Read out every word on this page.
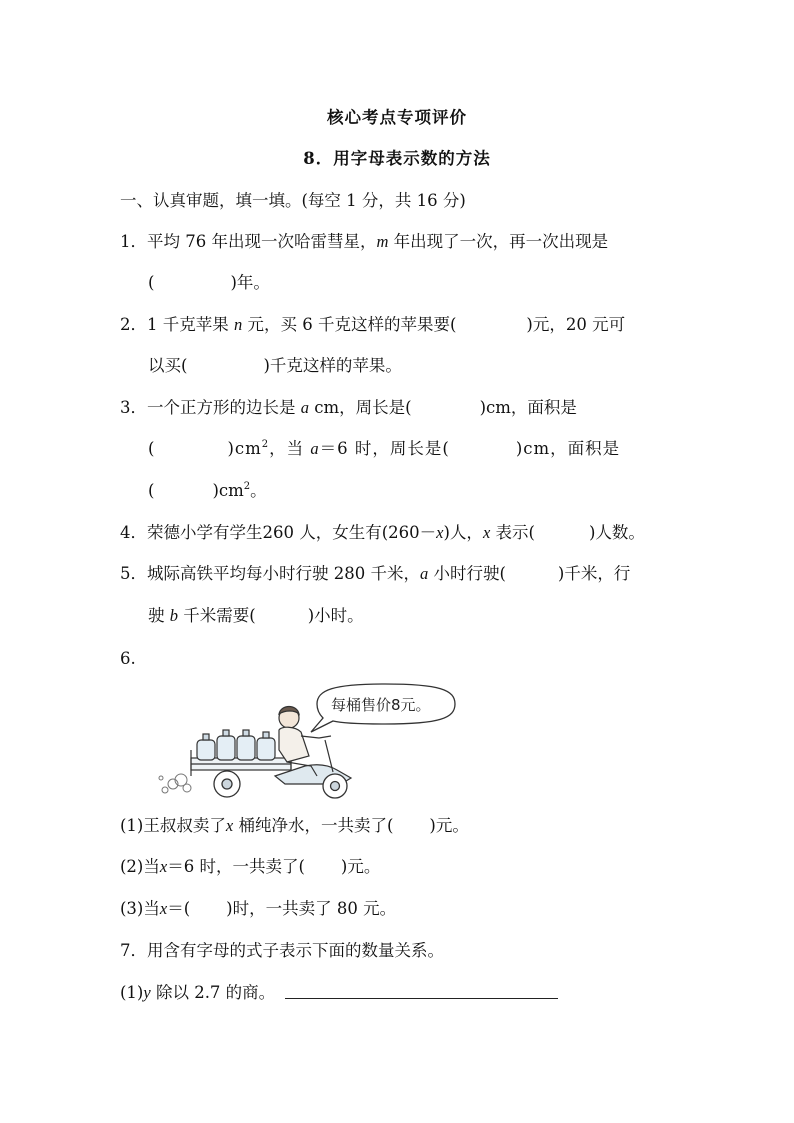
核心考点专项评价
8．用字母表示数的方法
一、认真审题，填一填。(每空 1 分，共 16 分)
1．平均 76 年出现一次哈雷彗星，m 年出现了一次，再一次出现是
(	)年。
2．1 千克苹果 n 元，买 6 千克这样的苹果要(	)元，20 元可
以买(	)千克这样的苹果。
3．一个正方形的边长是 a cm，周长是(	)cm，面积是
(	)$cm^2$，当 a＝6 时，周长是(	)cm，面积是
(	)$cm^2$。
4．荣德小学有学生260 人，女生有(260－x)人，x 表示(	)人数。
5．城际高铁平均每小时行驶 280 千米，a 小时行驶(	)千米，行
驶 b 千米需要(	)小时。
6.
每桶售价8元。
(1)王叔叔卖了x 桶纯净水，一共卖了( )元。
(2)当x＝6 时，一共卖了( )元。
(3)当x＝( )时，一共卖了 80 元。
7．用含有字母的式子表示下面的数量关系。
(1)y 除以 2.7 的商。
